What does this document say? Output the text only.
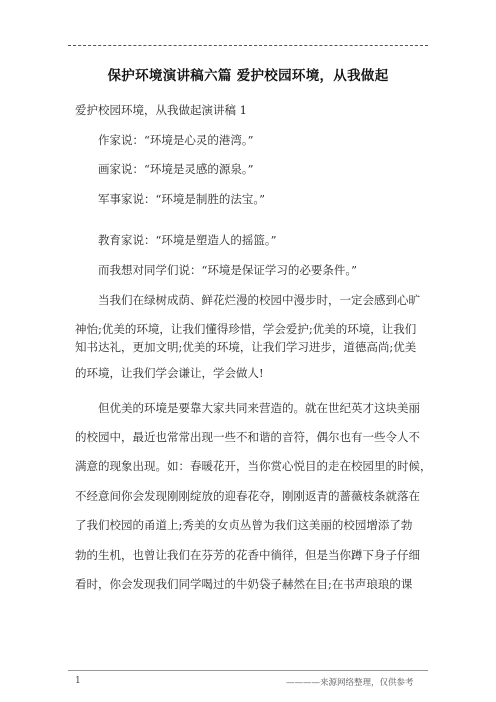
保护环境演讲稿六篇 爱护校园环境，从我做起
爱护校园环境，从我做起演讲稿 1
作家说：“环境是心灵的港湾。”
画家说：“环境是灵感的源泉。”
军事家说：“环境是制胜的法宝。”
教育家说：“环境是塑造人的摇篮。”
而我想对同学们说：“环境是保证学习的必要条件。”
当我们在绿树成荫、鲜花烂漫的校园中漫步时，一定会感到心旷
神怡;优美的环境，让我们懂得珍惜，学会爱护;优美的环境，让我们
知书达礼，更加文明;优美的环境，让我们学习进步，道德高尚;优美
的环境，让我们学会谦让，学会做人!
但优美的环境是要靠大家共同来营造的。就在世纪英才这块美丽
的校园中，最近也常常出现一些不和谐的音符，偶尔也有一些令人不
满意的现象出现。如：春暖花开，当你赏心悦目的走在校园里的时候，
不经意间你会发现刚刚绽放的迎春花夺，刚刚返青的蔷薇枝条就落在
了我们校园的甬道上;秀美的女贞丛曾为我们这美丽的校园增添了勃
勃的生机，也曾让我们在芬芳的花香中徜徉，但是当你蹲下身子仔细
看时，你会发现我们同学喝过的牛奶袋子赫然在目;在书声琅琅的课
1	————来源网络整理，仅供参考
